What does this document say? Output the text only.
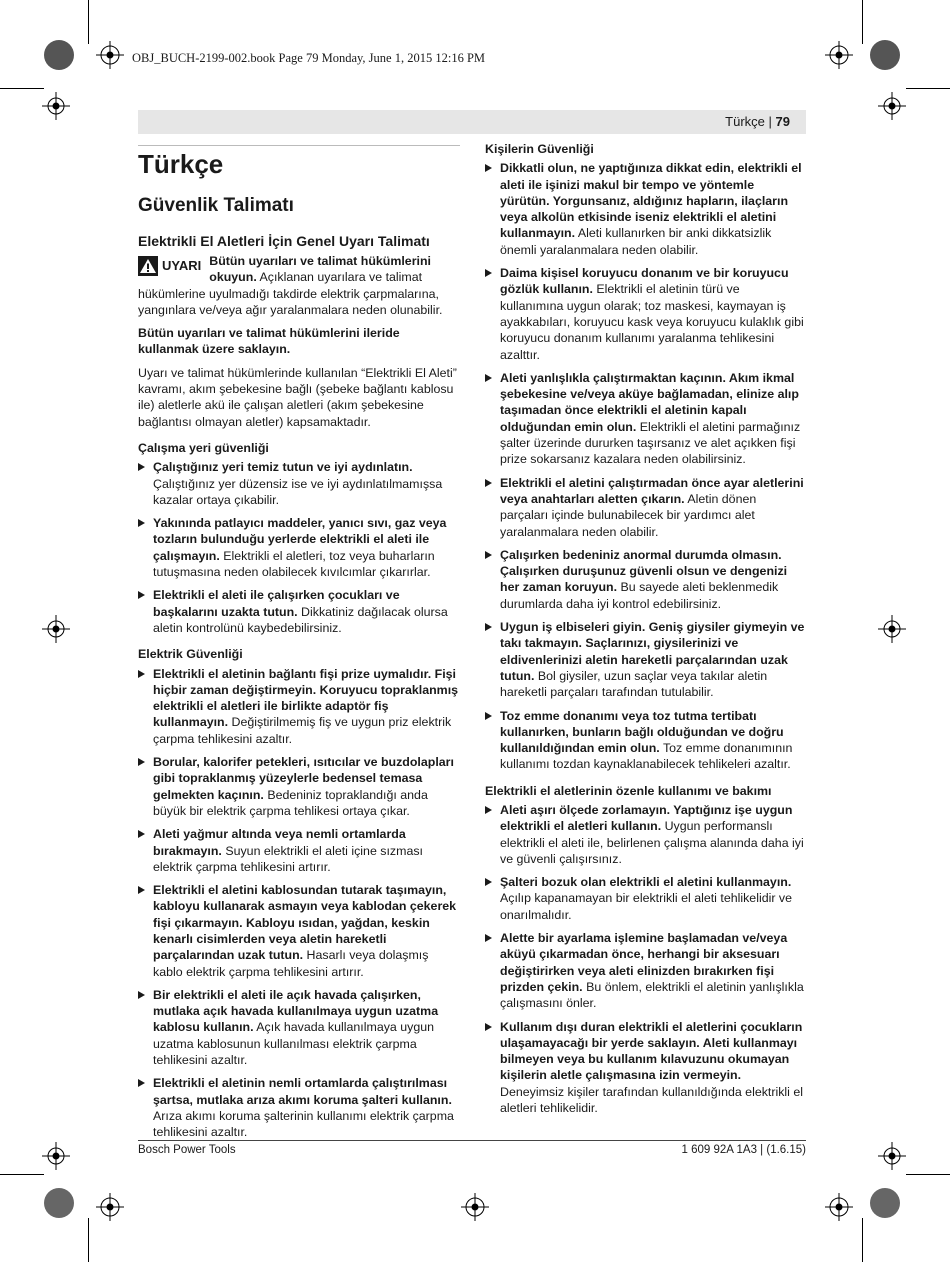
OBJ_BUCH-2199-002.book Page 79 Monday, June 1, 2015 12:16 PM
Türkçe | 79
Türkçe
Güvenlik Talimatı
Elektrikli El Aletleri İçin Genel Uyarı Talimatı
UYARI Bütün uyarıları ve talimat hükümlerini okuyun. Açıklanan uyarılara ve talimat hükümlerine uyulmadığı takdirde elektrik çarpmalarına, yangınlara ve/veya ağır yaralanmalara neden olunabilir.

Bütün uyarıları ve talimat hükümlerini ileride kullanmak üzere saklayın.

Uyarı ve talimat hükümlerinde kullanılan “Elektrikli El Aleti” kavramı, akım şebekesine bağlı (şebeke bağlantı kablosu ile) aletlerle akü ile çalışan aletleri (akım şebekesine bağlantısı olmayan aletler) kapsamaktadır.

Çalışma yeri güvenliği
Çalıştığınız yeri temiz tutun ve iyi aydınlatın. Çalıştığınız yer düzensiz ise ve iyi aydınlatılmamışsa kazalar ortaya çıkabilir.
Yakınında patlayıcı maddeler, yanıcı sıvı, gaz veya tozların bulunduğu yerlerde elektrikli el aleti ile çalışmayın. Elektrikli el aletleri, toz veya buharların tutuşmasına neden olabilecek kıvılcımlar çıkarırlar.
Elektrikli el aleti ile çalışırken çocukları ve başkalarını uzakta tutun. Dikkatiniz dağılacak olursa aletin kontrolünü kaybedebilirsiniz.
Elektrik Güvenliği
Elektrikli el aletinin bağlantı fişi prize uymalıdır. Fişi hiçbir zaman değiştirmeyin. Koruyucu topraklanmış elektrikli el aletleri ile birlikte adaptör fiş kullanmayın. Değiştirilmemiş fiş ve uygun priz elektrik çarpma tehlikesini azaltır.
Borular, kalorifer petekleri, ısıtıcılar ve buzdolapları gibi topraklanmış yüzeylerle bedensel temasa gelmekten kaçının. Bedeniniz topraklandığı anda büyük bir elektrik çarpma tehlikesi ortaya çıkar.
Aleti yağmur altında veya nemli ortamlarda bırakmayın. Suyun elektrikli el aleti içine sızması elektrik çarpma tehlikesini artırır.
Elektrikli el aletini kablosundan tutarak taşımayın, kabloyu kullanarak asmayın veya kablodan çekerek fişi çıkarmayın. Kabloyu ısıdan, yağdan, keskin kenarlı cisimlerden veya aletin hareketli parçalarından uzak tutun. Hasarlı veya dolaşmış kablo elektrik çarpma tehlikesini artırır.
Bir elektrikli el aleti ile açık havada çalışırken, mutlaka açık havada kullanılmaya uygun uzatma kablosu kullanın. Açık havada kullanılmaya uygun uzatma kablosunun kullanılması elektrik çarpma tehlikesini azaltır.
Elektrikli el aletinin nemli ortamlarda çalıştırılması şartsa, mutlaka arıza akımı koruma şalteri kullanın. Arıza akımı koruma şalterinin kullanımı elektrik çarpma tehlikesini azaltır.
Kişilerin Güvenliği
Dikkatli olun, ne yaptığınıza dikkat edin, elektrikli el aleti ile işinizi makul bir tempo ve yöntemle yürütün. Yorgunsanız, aldığınız hapların, ilaçların veya alkolün etkisinde iseniz elektrikli el aletini kullanmayın. Aleti kullanırken bir anki dikkatsizlik önemli yaralanmalara neden olabilir.
Daima kişisel koruyucu donanım ve bir koruyucu gözlük kullanın. Elektrikli el aletinin türü ve kullanımına uygun olarak; toz maskesi, kaymayan iş ayakkabıları, koruyucu kask veya koruyucu kulaklık gibi koruyucu donanım kullanımı yaralanma tehlikesini azalttır.
Aleti yanlışlıkla çalıştırmaktan kaçının. Akım ikmal şebekesine ve/veya aküye bağlamadan, elinize alıp taşımadan önce elektrikli el aletinin kapalı olduğundan emin olun. Elektrikli el aletini parmağınız şalter üzerinde dururken taşırsanız ve alet açıkken fişi prize sokarsanız kazalara neden olabilirsiniz.
Elektrikli el aletini çalıştırmadan önce ayar aletlerini veya anahtarları aletten çıkarın. Aletin dönen parçaları içinde bulunabilecek bir yardımcı alet yaralanmalara neden olabilir.
Çalışırken bedeniniz anormal durumda olmasın. Çalışırken duruşunuz güvenli olsun ve dengenizi her zaman koruyun. Bu sayede aleti beklenmedik durumlarda daha iyi kontrol edebilirsiniz.
Uygun iş elbiseleri giyin. Geniş giysiler giymeyin ve takı takmayın. Saçlarınızı, giysilerinizi ve eldivenlerinizi aletin hareketli parçalarından uzak tutun. Bol giysiler, uzun saçlar veya takılar aletin hareketli parçaları tarafından tutulabilir.
Toz emme donanımı veya toz tutma tertibatı kullanırken, bunların bağlı olduğundan ve doğru kullanıldığından emin olun. Toz emme donanımının kullanımı tozdan kaynaklanabilecek tehlikeleri azaltır.
Elektrikli el aletlerinin özenle kullanımı ve bakımı
Aleti aşırı ölçede zorlamayın. Yaptığınız işe uygun elektrikli el aletleri kullanın. Uygun performanslı elektrikli el aleti ile, belirlenen çalışma alanında daha iyi ve güvenli çalışırsınız.
Şalteri bozuk olan elektrikli el aletini kullanmayın. Açılıp kapanamayan bir elektrikli el aleti tehlikelidir ve onarılmalıdır.
Alette bir ayarlama işlemine başlamadan ve/veya aküyü çıkarmadan önce, herhangi bir aksesuarı değiştirirken veya aleti elinizden bırakırken fişi prizden çekin. Bu önlem, elektrikli el aletinin yanlışlıkla çalışmasını önler.
Kullanım dışı duran elektrikli el aletlerini çocukların ulaşamayacağı bir yerde saklayın. Aleti kullanmayı bilmeyen veya bu kullanım kılavuzunu okumayan kişilerin aletle çalışmasına izin vermeyin. Deneyimsiz kişiler tarafından kullanıldığında elektrikli el aletleri tehlikelidir.
Bosch Power Tools	1 609 92A 1A3 | (1.6.15)
